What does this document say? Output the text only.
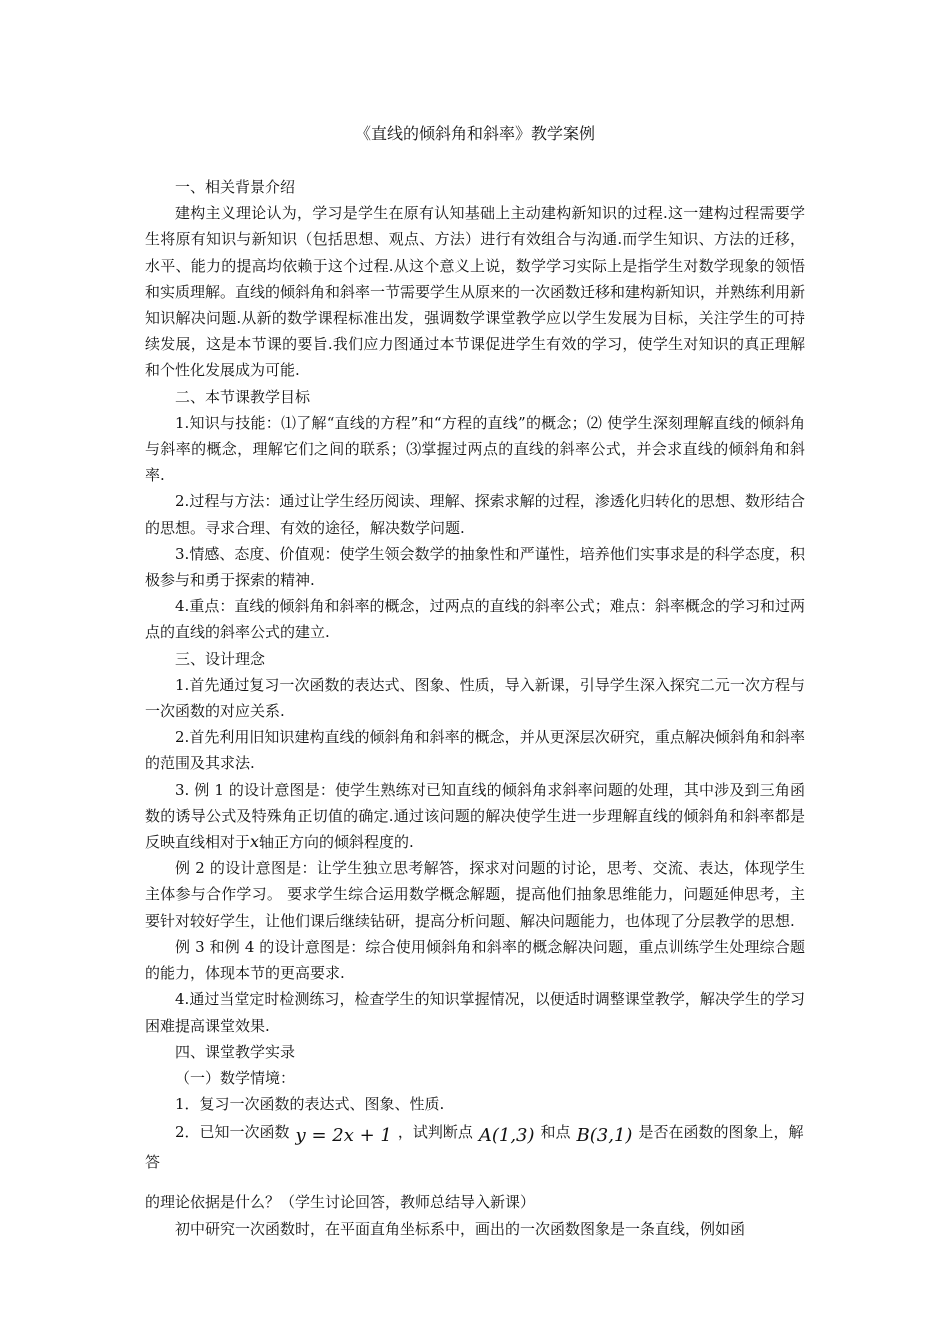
《直线的倾斜角和斜率》教学案例

一、相关背景介绍

建构主义理论认为，学习是学生在原有认知基础上主动建构新知识的过程.这一建构过程需要学生将原有知识与新知识（包括思想、观点、方法）进行有效组合与沟通.而学生知识、方法的迁移，水平、能力的提高均依赖于这个过程.从这个意义上说，数学学习实际上是指学生对数学现象的领悟和实质理解。直线的倾斜角和斜率一节需要学生从原来的一次函数迁移和建构新知识，并熟练利用新知识解决问题.从新的数学课程标准出发，强调数学课堂教学应以学生发展为目标，关注学生的可持续发展，这是本节课的要旨.我们应力图通过本节课促进学生有效的学习，使学生对知识的真正理解和个性化发展成为可能.

二、本节课教学目标

1.知识与技能：⑴了解“直线的方程”和“方程的直线”的概念；⑵ 使学生深刻理解直线的倾斜角与斜率的概念，理解它们之间的联系；⑶掌握过两点的直线的斜率公式，并会求直线的倾斜角和斜率.

2.过程与方法：通过让学生经历阅读、理解、探索求解的过程，渗透化归转化的思想、数形结合的思想。寻求合理、有效的途径，解决数学问题.

3.情感、态度、价值观：使学生领会数学的抽象性和严谨性，培养他们实事求是的科学态度，积极参与和勇于探索的精神.

4.重点：直线的倾斜角和斜率的概念，过两点的直线的斜率公式；难点：斜率概念的学习和过两点的直线的斜率公式的建立.

三、设计理念

1.首先通过复习一次函数的表达式、图象、性质，导入新课，引导学生深入探究二元一次方程与一次函数的对应关系.

2.首先利用旧知识建构直线的倾斜角和斜率的概念，并从更深层次研究，重点解决倾斜角和斜率的范围及其求法.

3. 例 1 的设计意图是：使学生熟练对已知直线的倾斜角求斜率问题的处理，其中涉及到三角函数的诱导公式及特殊角正切值的确定.通过该问题的解决使学生进一步理解直线的倾斜角和斜率都是反映直线相对于x轴正方向的倾斜程度的.

例 2 的设计意图是：让学生独立思考解答，探求对问题的讨论，思考、交流、表达，体现学生主体参与合作学习。 要求学生综合运用数学概念解题，提高他们抽象思维能力，问题延伸思考，主要针对较好学生，让他们课后继续钻研，提高分析问题、解决问题能力，也体现了分层教学的思想.

例 3 和例 4 的设计意图是：综合使用倾斜角和斜率的概念解决问题，重点训练学生处理综合题的能力，体现本节的更高要求.

4.通过当堂定时检测练习，检查学生的知识掌握情况，以便适时调整课堂教学，解决学生的学习困难提高课堂效果.

四、课堂教学实录

（一）数学情境：

1．复习一次函数的表达式、图象、性质.

2．已知一次函数 y = 2x + 1 ，试判断点 A(1,3) 和点 B(3,1) 是否在函数的图象上，解答

的理论依据是什么？（学生讨论回答，教师总结导入新课）

初中研究一次函数时，在平面直角坐标系中，画出的一次函数图象是一条直线，例如函
